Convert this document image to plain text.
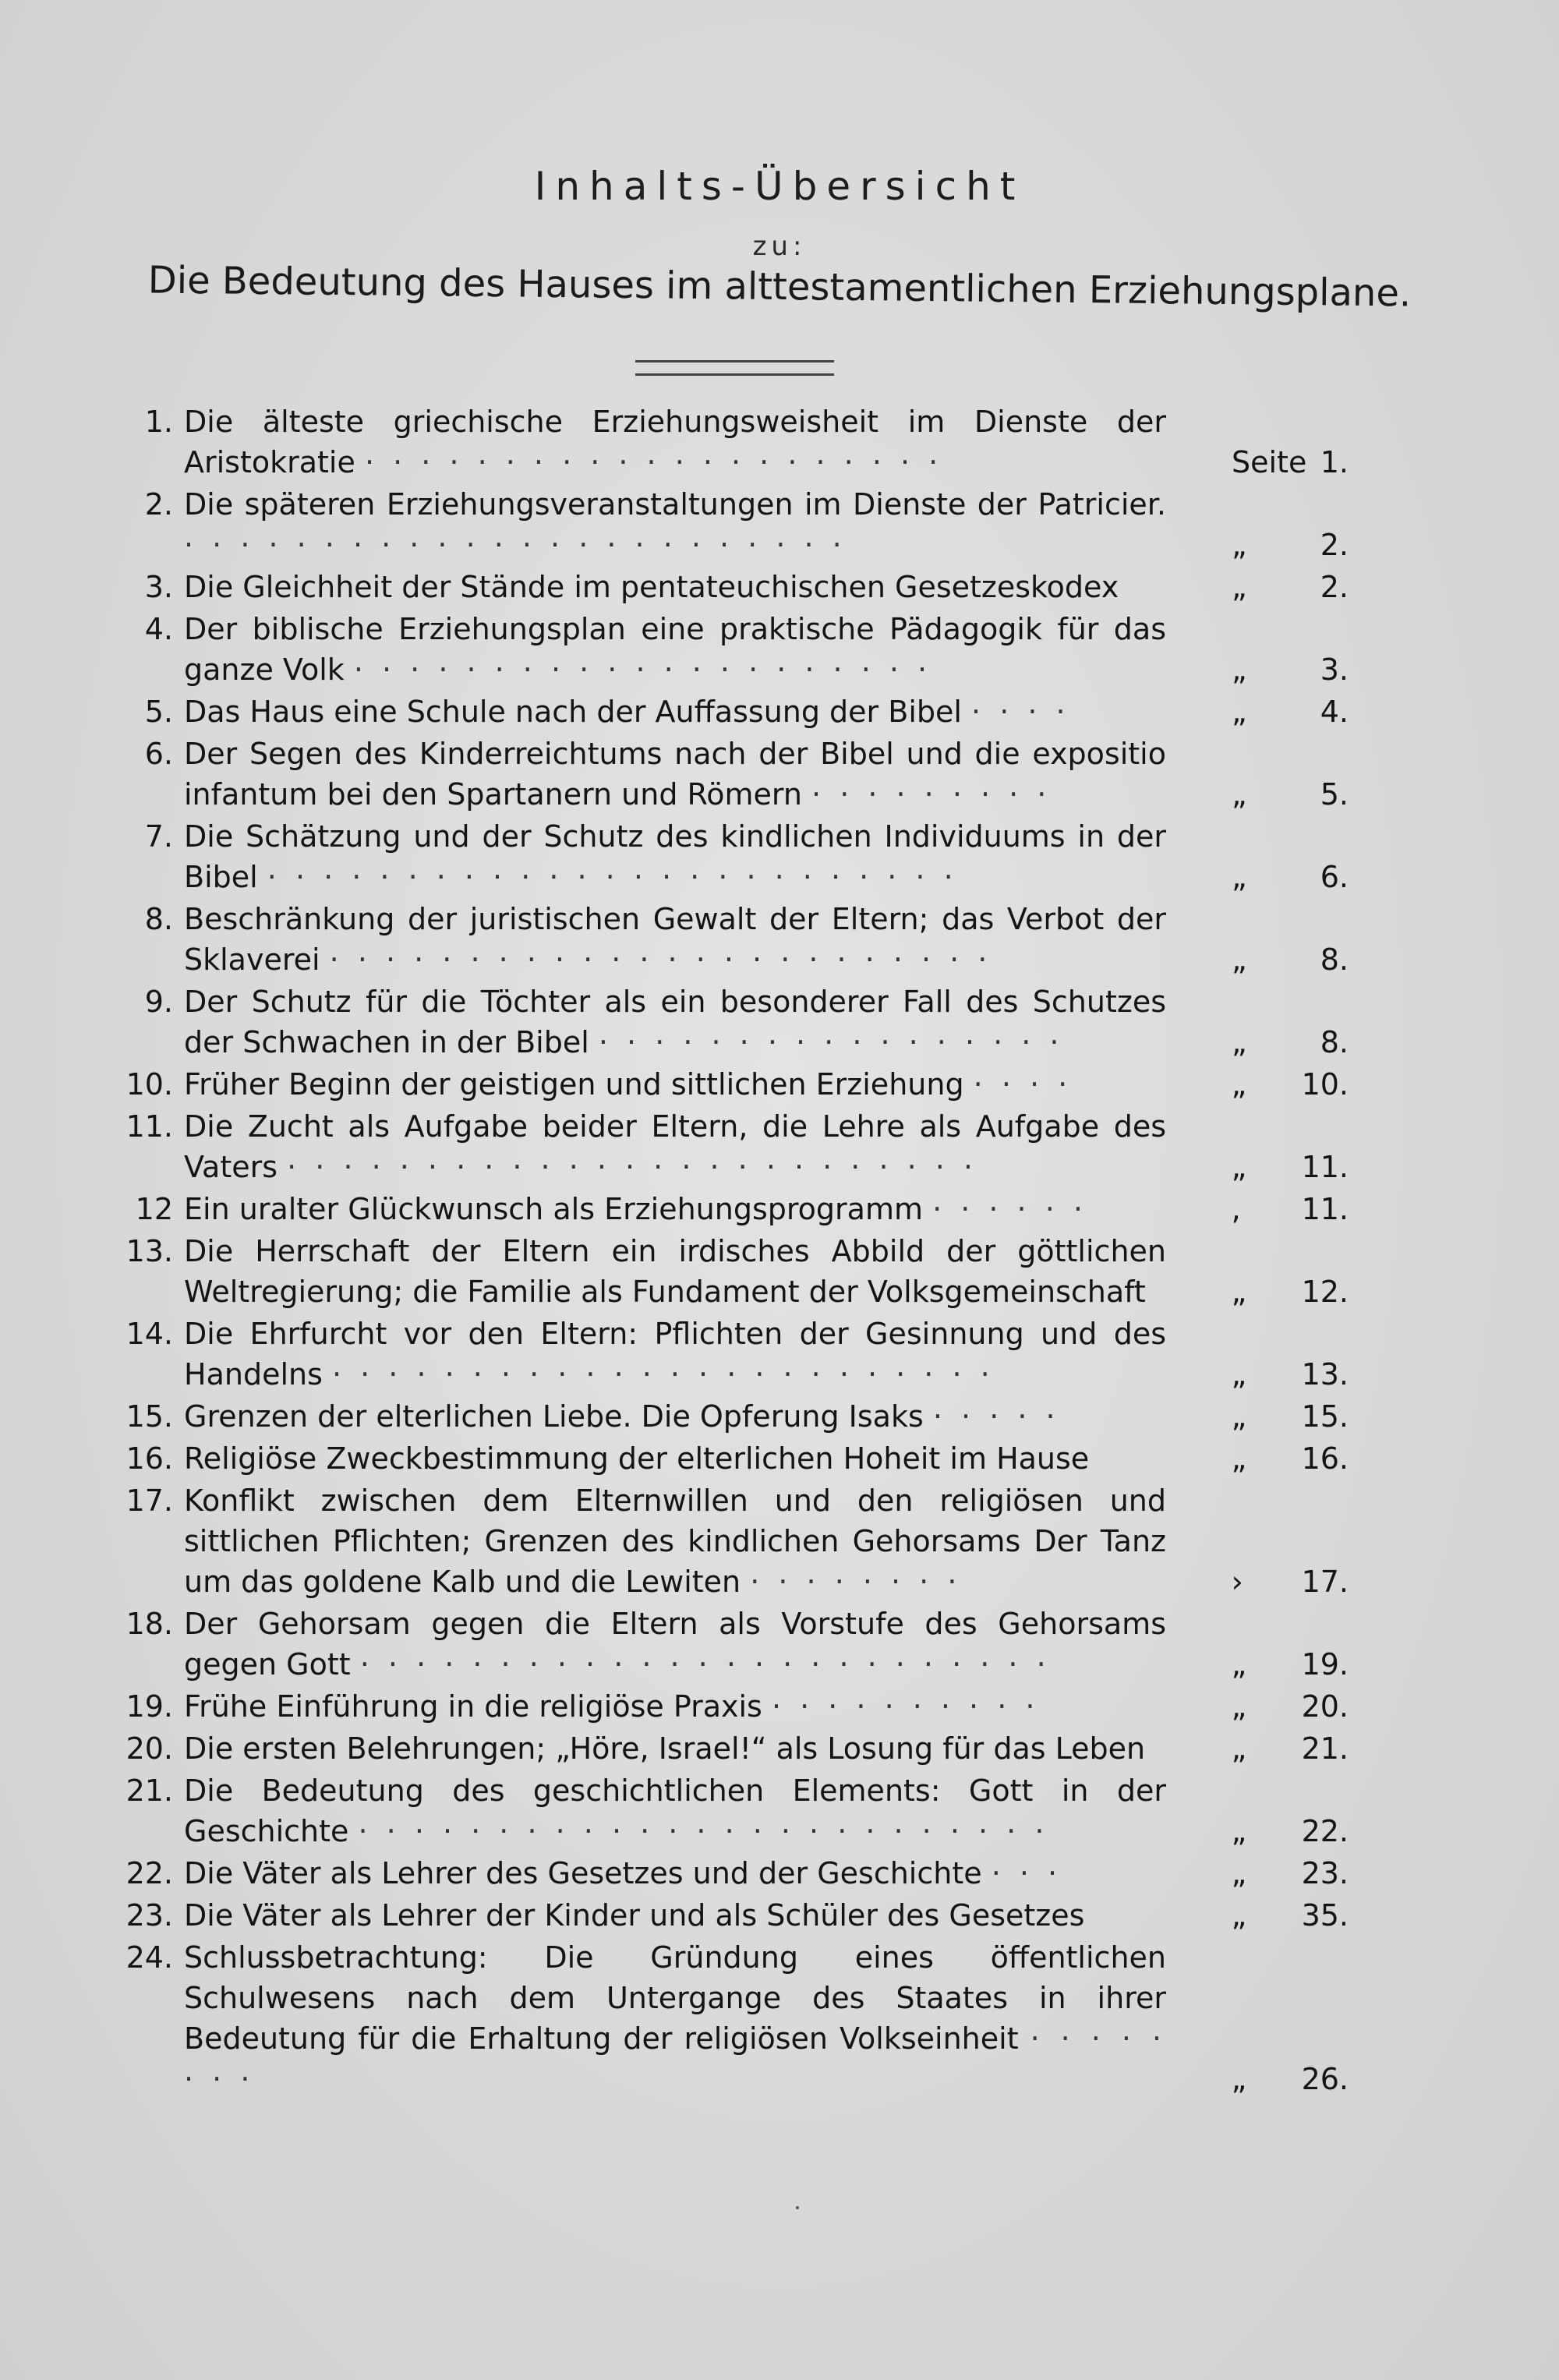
Inhalts-Übersicht
zu:
Die Bedeutung des Hauses im alttestamentlichen Erziehungsplane.
1. Die älteste griechische Erziehungsweisheit im Dienste der Aristokratie · · · · · · · · · · · · · · · · · · · · ·	Seite 1.
2. Die späteren Erziehungsveranstaltungen im Dienste der Patricier. · · · · · · · · · · · · · · · · · · · · · · · ·	„	2.
3. Die Gleichheit der Stände im pentateuchischen Gesetzeskodex	„	2.
4. Der biblische Erziehungsplan eine praktische Pädagogik für das ganze Volk · · · · · · · · · · · · · · · · · · · · ·	„	3.
5. Das Haus eine Schule nach der Auffassung der Bibel · · · ·	„	4.
6. Der Segen des Kinderreichtums nach der Bibel und die expositio infantum bei den Spartanern und Römern · · · · · · · · ·	„	5.
7. Die Schätzung und der Schutz des kindlichen Individuums in der Bibel · · · · · · · · · · · · · · · · · · · · · · · · ·	„	6.
8. Beschränkung der juristischen Gewalt der Eltern; das Verbot der Sklaverei · · · · · · · · · · · · · · · · · · · · · · · ·	„	8.
9. Der Schutz für die Töchter als ein besonderer Fall des Schutzes der Schwachen in der Bibel · · · · · · · · · · · · · · · · ·	„	8.
10. Früher Beginn der geistigen und sittlichen Erziehung · · · ·	„	10.
11. Die Zucht als Aufgabe beider Eltern, die Lehre als Aufgabe des Vaters · · · · · · · · · · · · · · · · · · · · · · · · ·	„	11.
12 Ein uralter Glückwunsch als Erziehungsprogramm · · · · · ·	,	11.
13. Die Herrschaft der Eltern ein irdisches Abbild der göttlichen Weltregierung; die Familie als Fundament der Volksgemeinschaft	„	12.
14. Die Ehrfurcht vor den Eltern: Pflichten der Gesinnung und des Handelns · · · · · · · · · · · · · · · · · · · · · · · ·	„	13.
15. Grenzen der elterlichen Liebe. Die Opferung Isaks · · · · ·	„	15.
16. Religiöse Zweckbestimmung der elterlichen Hoheit im Hause	„	16.
17. Konflikt zwischen dem Elternwillen und den religiösen und sittlichen Pflichten; Grenzen des kindlichen Gehorsams Der Tanz um das goldene Kalb und die Lewiten · · · · · · · ·	›	17.
18. Der Gehorsam gegen die Eltern als Vorstufe des Gehorsams gegen Gott · · · · · · · · · · · · · · · · · · · · · · · · ·	„	19.
19. Frühe Einführung in die religiöse Praxis · · · · · · · · · ·	„	20.
20. Die ersten Belehrungen; „Höre, Israel!“ als Losung für das Leben	„	21.
21. Die Bedeutung des geschichtlichen Elements: Gott in der Geschichte · · · · · · · · · · · · · · · · · · · · · · · · ·	„	22.
22. Die Väter als Lehrer des Gesetzes und der Geschichte · · ·	„	23.
23. Die Väter als Lehrer der Kinder und als Schüler des Gesetzes	„	35.
24. Schlussbetrachtung: Die Gründung eines öffentlichen Schulwesens nach dem Untergange des Staates in ihrer Bedeutung für die Erhaltung der religiösen Volkseinheit · · · · · · · ·	„	26.
